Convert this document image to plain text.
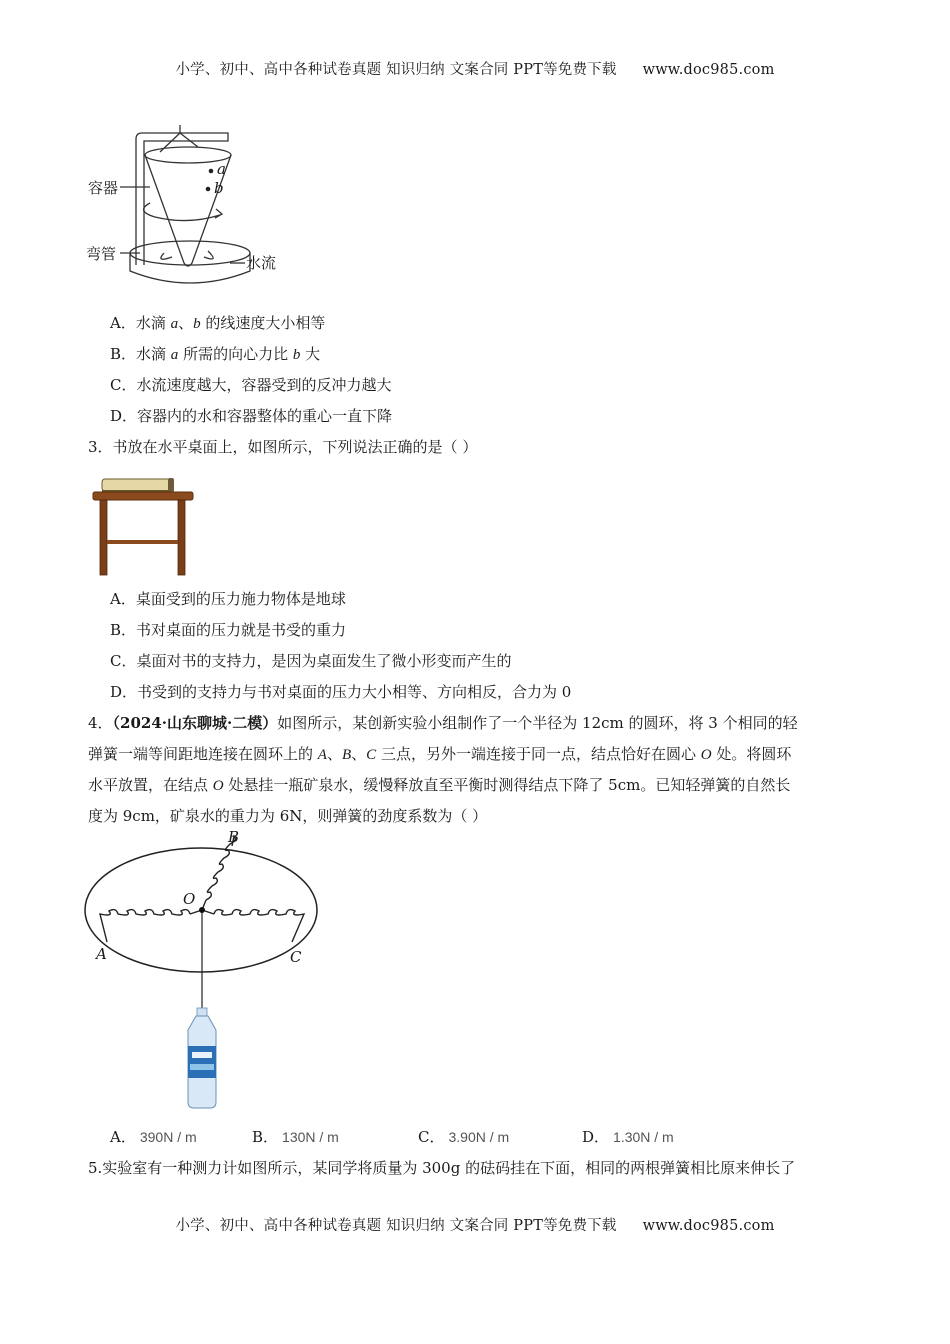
小学、初中、高中各种试卷真题 知识归纳 文案合同 PPT等免费下载 www.doc985.com
容器
弯管	水流
a
b
A．水滴 a、b 的线速度大小相等
B．水滴 a 所需的向心力比 b 大
C．水流速度越大，容器受到的反冲力越大
D．容器内的水和容器整体的重心一直下降
3．书放在水平桌面上，如图所示，下列说法正确的是（ ）
A．桌面受到的压力施力物体是地球
B．书对桌面的压力就是书受的重力
C．桌面对书的支持力，是因为桌面发生了微小形变而产生的
D．书受到的支持力与书对桌面的压力大小相等、方向相反，合力为 0
4．（2024·山东聊城·二模）如图所示，某创新实验小组制作了一个半径为 12cm 的圆环，将 3 个相同的轻
弹簧一端等间距地连接在圆环上的 A、B、C 三点，另外一端连接于同一点，结点恰好在圆心 O 处。将圆环
水平放置，在结点 O 处悬挂一瓶矿泉水，缓慢释放直至平衡时测得结点下降了 5cm。已知轻弹簧的自然长
度为 9cm，矿泉水的重力为 6N，则弹簧的劲度系数为（ ）
B
O
A	C
A． 390N / m	B． 130N / m	C． 3.90N / m	D． 1.30N / m
5.实验室有一种测力计如图所示，某同学将质量为 300g 的砝码挂在下面，相同的两根弹簧相比原来伸长了
小学、初中、高中各种试卷真题 知识归纳 文案合同 PPT等免费下载 www.doc985.com
